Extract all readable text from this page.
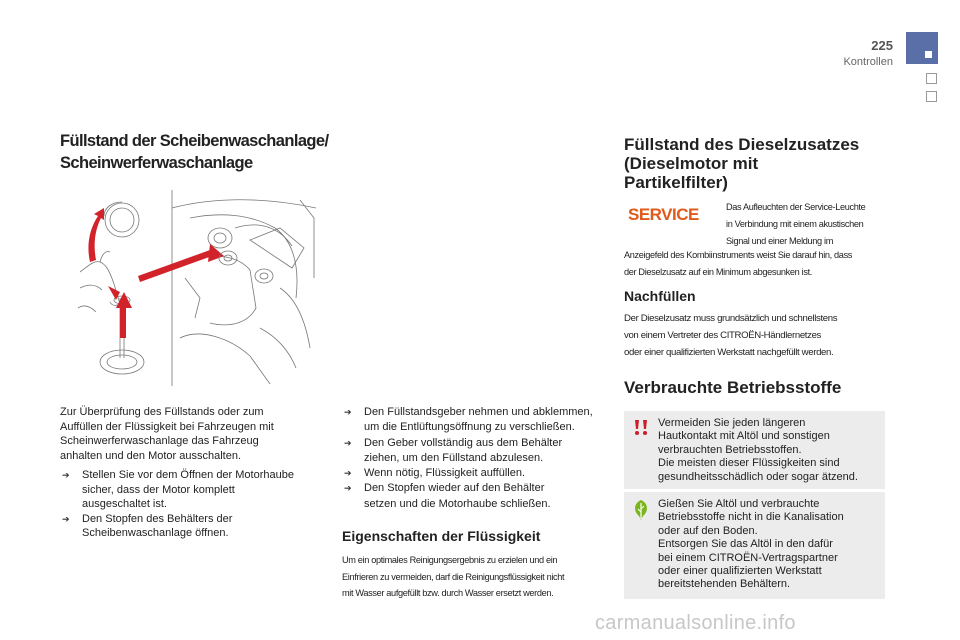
225
Kontrollen
Füllstand der Scheibenwaschanlage/
Scheinwerferwaschanlage
Zur Überprüfung des Füllstands oder zum
Auffüllen der Flüssigkeit bei Fahrzeugen mit
Scheinwerferwaschanlage das Fahrzeug
anhalten und den Motor ausschalten.
➔ Stellen Sie vor dem Öffnen der Motorhaube
sicher, dass der Motor komplett
ausgeschaltet ist.
➔ Den Stopfen des Behälters der
Scheibenwaschanlage öffnen.
➔ Den Füllstandsgeber nehmen und abklemmen,
um die Entlüftungsöffnung zu verschließen.
➔ Den Geber vollständig aus dem Behälter
ziehen, um den Füllstand abzulesen.
➔ Wenn nötig, Flüssigkeit auffüllen.
➔ Den Stopfen wieder auf den Behälter
setzen und die Motorhaube schließen.
Eigenschaften der Flüssigkeit
Um ein optimales Reinigungsergebnis zu erzielen und ein
Einfrieren zu vermeiden, darf die Reinigungsflüssigkeit nicht
mit Wasser aufgefüllt bzw. durch Wasser ersetzt werden.
Füllstand des Dieselzusatzes
(Dieselmotor mit
Partikelfilter)
SERVICE	Das Aufleuchten der Service-Leuchte
in Verbindung mit einem akustischen
Signal und einer Meldung im
Anzeigefeld des Kombiinstruments weist Sie darauf hin, dass
der Dieselzusatz auf ein Minimum abgesunken ist.
Nachfüllen
Der Dieselzusatz muss grundsätzlich und schnellstens
von einem Vertreter des CITROËN-Händlernetzes
oder einer qualifizierten Werkstatt nachgefüllt werden.
Verbrauchte Betriebsstoffe
Vermeiden Sie jeden längeren
Hautkontakt mit Altöl und sonstigen
verbrauchten Betriebsstoffen.
Die meisten dieser Flüssigkeiten sind
gesundheitsschädlich oder sogar ätzend.
Gießen Sie Altöl und verbrauchte
Betriebsstoffe nicht in die Kanalisation
oder auf den Boden.
Entsorgen Sie das Altöl in den dafür
bei einem CITROËN-Vertragspartner
oder einer qualifizierten Werkstatt
bereitstehenden Behältern.
carmanualsonline.info
